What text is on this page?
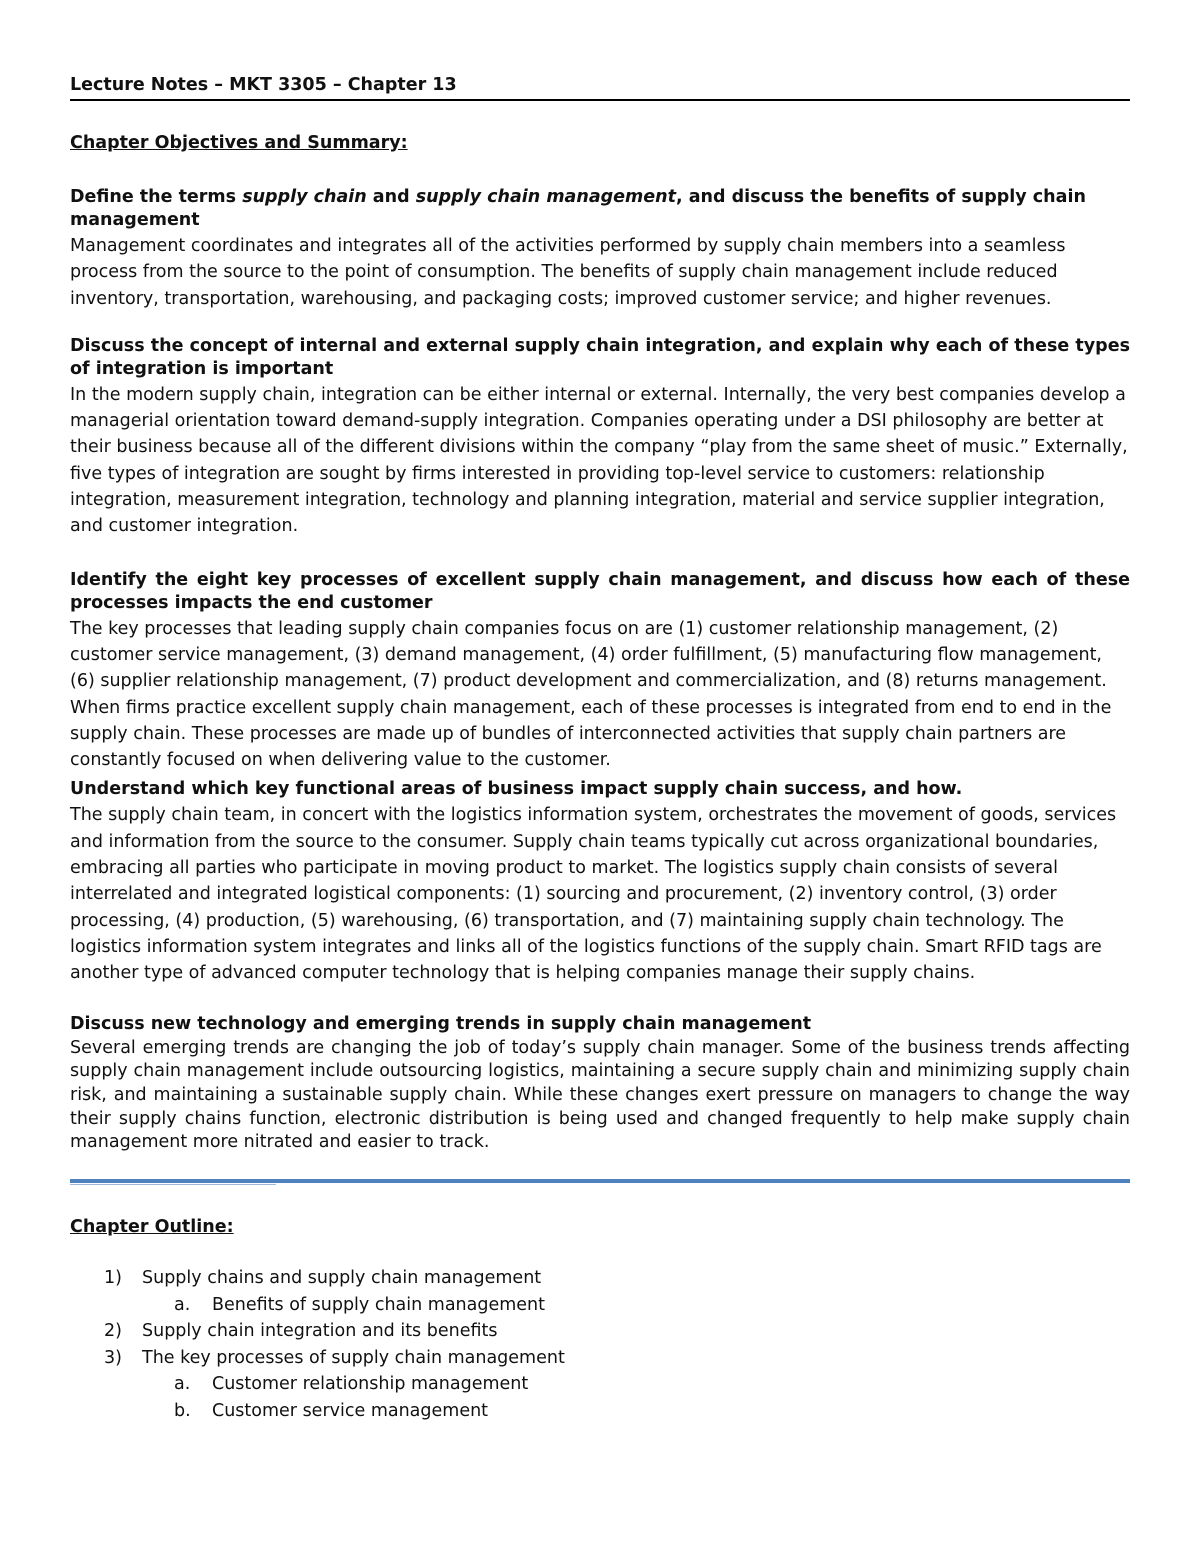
Lecture Notes – MKT 3305 – Chapter 13
Chapter Objectives and Summary:
Define the terms supply chain and supply chain management, and discuss the benefits of supply chain management

Management coordinates and integrates all of the activities performed by supply chain members into a seamless process from the source to the point of consumption. The benefits of supply chain management include reduced inventory, transportation, warehousing, and packaging costs; improved customer service; and higher revenues.

Discuss the concept of internal and external supply chain integration, and explain why each of these types of integration is important

In the modern supply chain, integration can be either internal or external. Internally, the very best companies develop a managerial orientation toward demand-supply integration. Companies operating under a DSI philosophy are better at their business because all of the different divisions within the company “play from the same sheet of music.” Externally, five types of integration are sought by firms interested in providing top-level service to customers: relationship integration, measurement integration, technology and planning integration, material and service supplier integration, and customer integration.

Identify the eight key processes of excellent supply chain management, and discuss how each of these processes impacts the end customer

The key processes that leading supply chain companies focus on are (1) customer relationship management, (2) customer service management, (3) demand management, (4) order fulfillment, (5) manufacturing flow management, (6) supplier relationship management, (7) product development and commercialization, and (8) returns management. When firms practice excellent supply chain management, each of these processes is integrated from end to end in the supply chain. These processes are made up of bundles of interconnected activities that supply chain partners are constantly focused on when delivering value to the customer.

Understand which key functional areas of business impact supply chain success, and how.

The supply chain team, in concert with the logistics information system, orchestrates the movement of goods, services and information from the source to the consumer. Supply chain teams typically cut across organizational boundaries, embracing all parties who participate in moving product to market. The logistics supply chain consists of several interrelated and integrated logistical components: (1) sourcing and procurement, (2) inventory control, (3) order processing, (4) production, (5) warehousing, (6) transportation, and (7) maintaining supply chain technology. The logistics information system integrates and links all of the logistics functions of the supply chain. Smart RFID tags are another type of advanced computer technology that is helping companies manage their supply chains.

Discuss new technology and emerging trends in supply chain management

Several emerging trends are changing the job of today’s supply chain manager. Some of the business trends affecting supply chain management include outsourcing logistics, maintaining a secure supply chain and minimizing supply chain risk, and maintaining a sustainable supply chain. While these changes exert pressure on managers to change the way their supply chains function, electronic distribution is being used and changed frequently to help make supply chain management more nitrated and easier to track.

Chapter Outline:
1)	Supply chains and supply chain management
a.	Benefits of supply chain management
2)	Supply chain integration and its benefits
3)	The key processes of supply chain management
a.	Customer relationship management
b.	Customer service management
